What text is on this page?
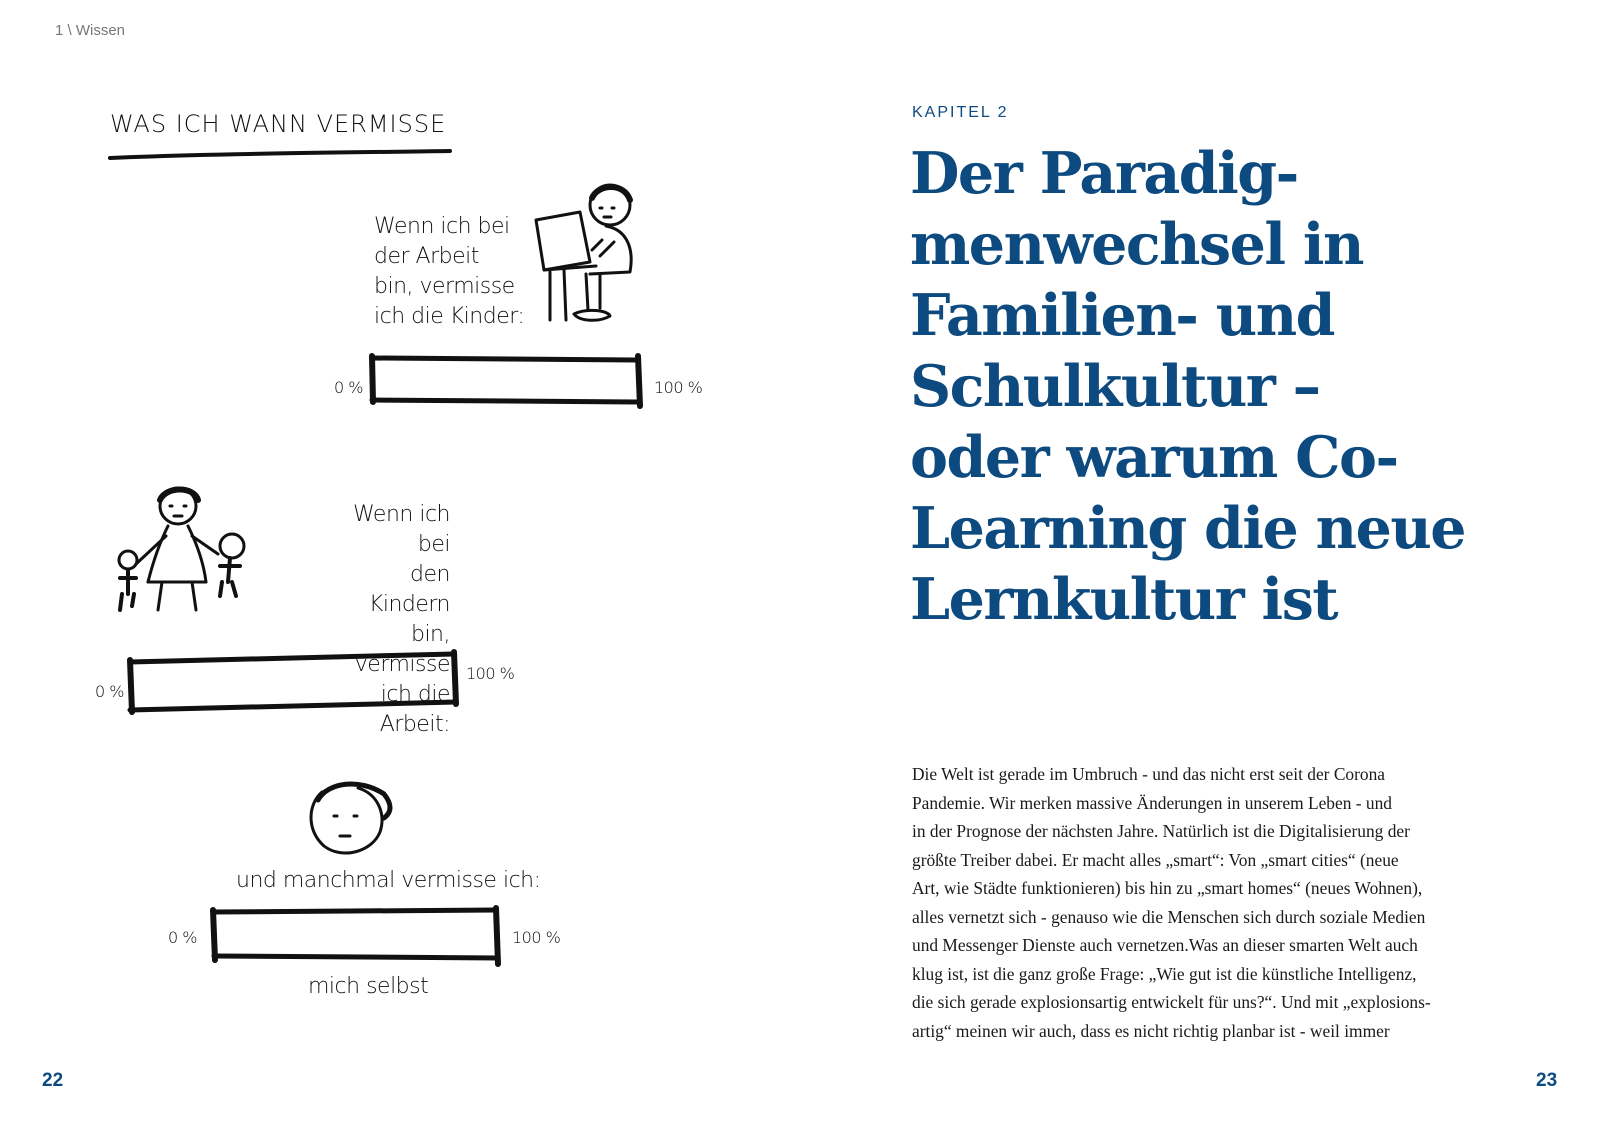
1 \ Wissen
WAS ICH WANN VERMISSE
Wenn ich bei
der Arbeit
bin, vermisse
ich die Kinder:
0 %	100 %
Wenn ich bei
den Kindern
bin, vermisse
ich die Arbeit:
0 %
100 %
und manchmal vermisse ich:
0 %	100 %
mich selbst
22
KAPITEL 2
Der Paradig-
menwechsel in
Familien- und
Schulkultur –
oder warum Co-
Learning die neue
Lernkultur ist

Die Welt ist gerade im Umbruch - und das nicht erst seit der Corona
Pandemie. Wir merken massive Änderungen in unserem Leben - und
in der Prognose der nächsten Jahre. Natürlich ist die Digitalisierung der
größte Treiber dabei. Er macht alles „smart“: Von „smart cities“ (neue
Art, wie Städte funktionieren) bis hin zu „smart homes“ (neues Wohnen),
alles vernetzt sich - genauso wie die Menschen sich durch soziale Medien
und Messenger Dienste auch vernetzen.Was an dieser smarten Welt auch
klug ist, ist die ganz große Frage: „Wie gut ist die künstliche Intelligenz,
die sich gerade explosionsartig entwickelt für uns?“. Und mit „explosions-
artig“ meinen wir auch, dass es nicht richtig planbar ist - weil immer

23
